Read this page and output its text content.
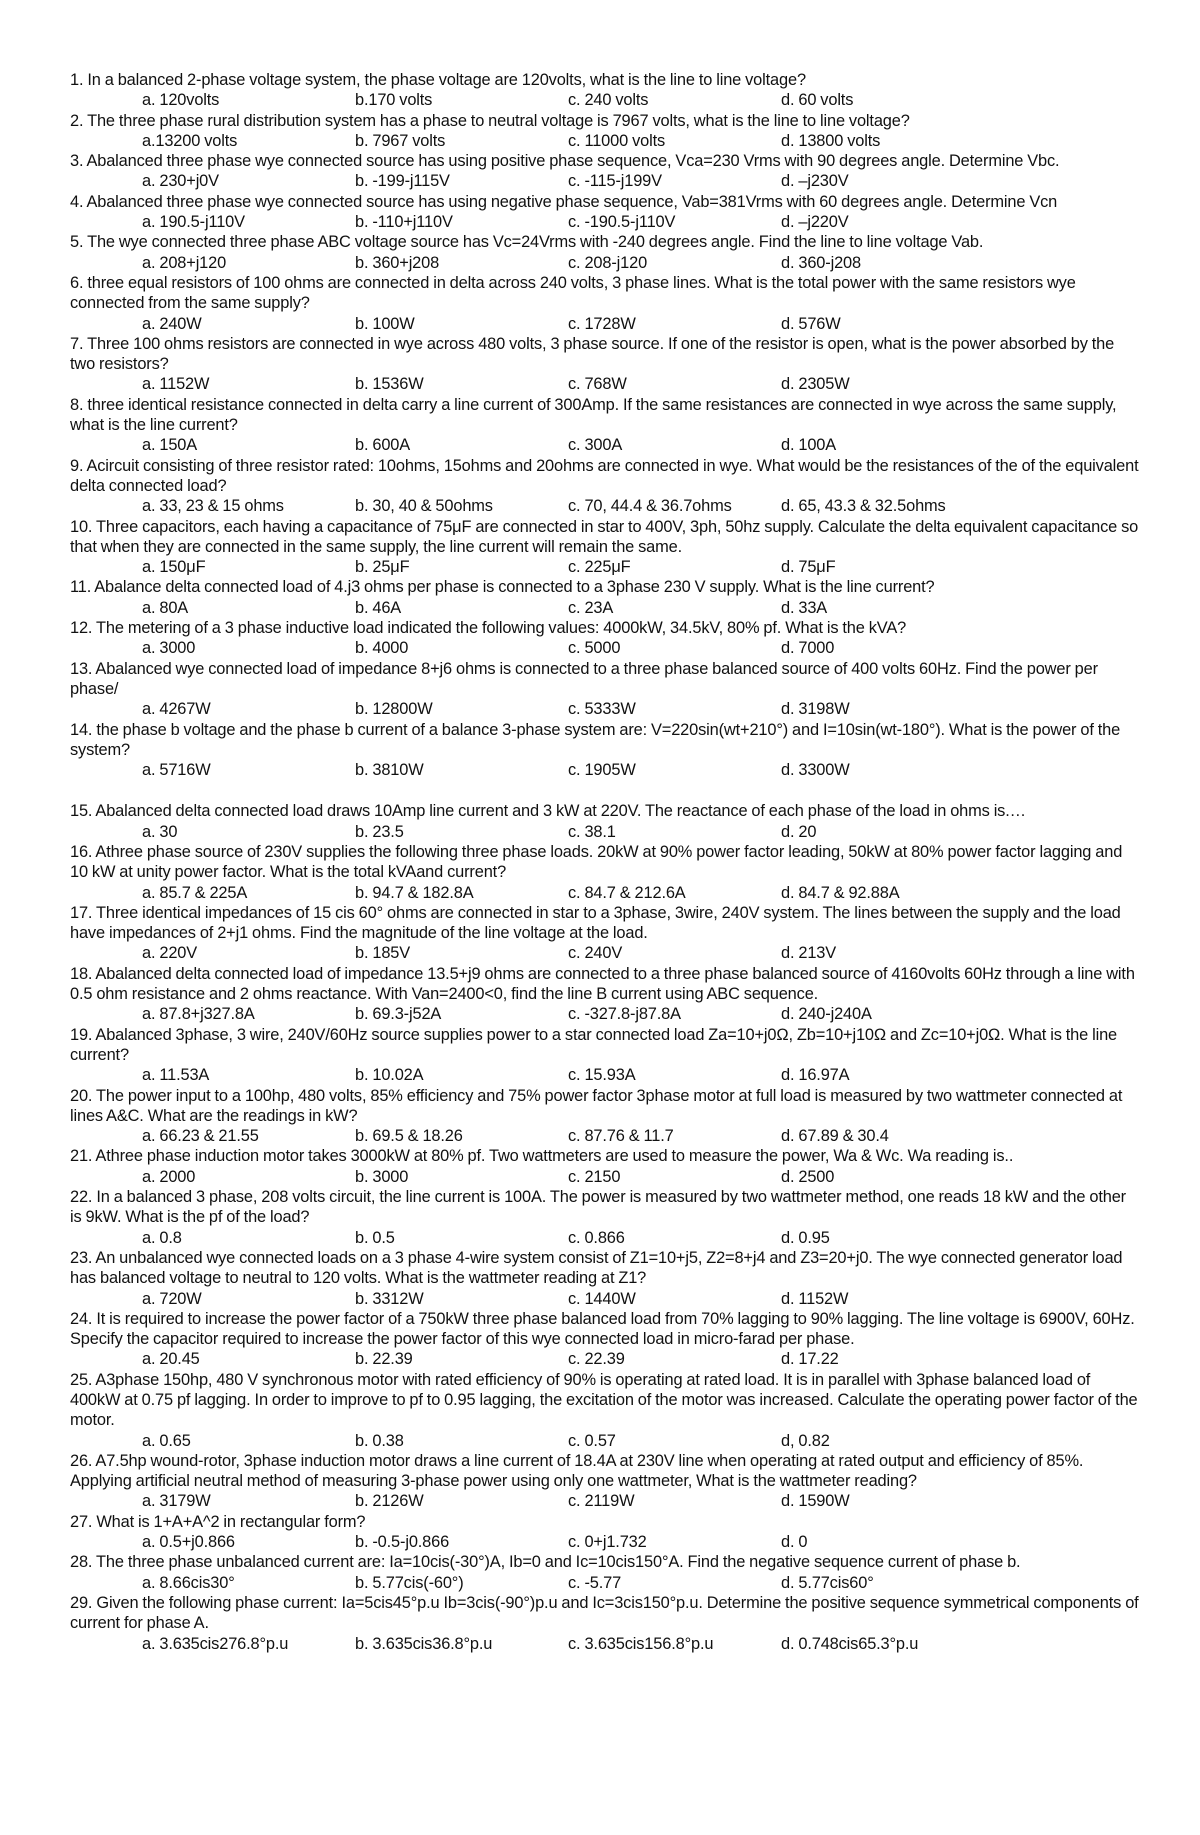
1. In a balanced 2-phase voltage system, the phase voltage are 120volts, what is the line to line voltage?
a. 120volts	b.170 volts	c. 240 volts	d. 60 volts
2. The three phase rural distribution system has a phase to neutral voltage is 7967 volts, what is the line to line voltage?
a.13200 volts	b. 7967 volts	c. 11000 volts	d. 13800 volts
3. Abalanced three phase wye connected source has using positive phase sequence, Vca=230 Vrms with 90 degrees angle. Determine Vbc.
a. 230+j0V	b. -199-j115V	c. -115-j199V	d. –j230V
4. Abalanced three phase wye connected source has using negative phase sequence, Vab=381Vrms with 60 degrees angle. Determine Vcn
a. 190.5-j110V	b. -110+j110V	c. -190.5-j110V	d. –j220V
5. The wye connected three phase ABC voltage source has Vc=24Vrms with -240 degrees angle. Find the line to line voltage Vab.
a. 208+j120	b. 360+j208	c. 208-j120	d. 360-j208
6. three equal resistors of 100 ohms are connected in delta across 240 volts, 3 phase lines. What is the total power with the same resistors wye connected from the same supply?
a. 240W	b. 100W	c. 1728W	d. 576W
7. Three 100 ohms resistors are connected in wye across 480 volts, 3 phase source. If one of the resistor is open, what is the power absorbed by the two resistors?
a. 1152W	b. 1536W	c. 768W	d. 2305W
8. three identical resistance connected in delta carry a line current of 300Amp. If the same resistances are connected in wye across the same supply, what is the line current?
a. 150A	b. 600A	c. 300A	d. 100A
9. Acircuit consisting of three resistor rated: 10ohms, 15ohms and 20ohms are connected in wye. What would be the resistances of the of the equivalent delta connected load?
a. 33, 23 & 15 ohms	b. 30, 40 & 50ohms	c. 70, 44.4 & 36.7ohms	d. 65, 43.3 & 32.5ohms
10. Three capacitors, each having a capacitance of 75μF are connected in star to 400V, 3ph, 50hz supply. Calculate the delta equivalent capacitance so that when they are connected in the same supply, the line current will remain the same.
a. 150μF	b. 25μF	c. 225μF	d. 75μF
11. Abalance delta connected load of 4.j3 ohms per phase is connected to a 3phase 230 V supply. What is the line current?
a. 80A	b. 46A	c. 23A	d. 33A
12. The metering of a 3 phase inductive load indicated the following values: 4000kW, 34.5kV, 80% pf. What is the kVA?
a. 3000	b. 4000	c. 5000	d. 7000
13. Abalanced wye connected load of impedance 8+j6 ohms is connected to a three phase balanced source of 400 volts 60Hz. Find the power per phase/
a. 4267W	b. 12800W	c. 5333W	d. 3198W
14. the phase b voltage and the phase b current of a balance 3-phase system are: V=220sin(wt+210°) and I=10sin(wt-180°). What is the power of the system?
a. 5716W	b. 3810W	c. 1905W	d. 3300W
15. Abalanced delta connected load draws 10Amp line current and 3 kW at 220V. The reactance of each phase of the load in ohms is.…
a. 30	b. 23.5	c. 38.1	d. 20
16. Athree phase source of 230V supplies the following three phase loads. 20kW at 90% power factor leading, 50kW at 80% power factor lagging and 10 kW at unity power factor. What is the total kVAand current?
a. 85.7 & 225A	b. 94.7 & 182.8A	c. 84.7 & 212.6A	d. 84.7 & 92.88A
17. Three identical impedances of 15 cis 60° ohms are connected in star to a 3phase, 3wire, 240V system. The lines between the supply and the load have impedances of 2+j1 ohms. Find the magnitude of the line voltage at the load.
a. 220V	b. 185V	c. 240V	d. 213V
18. Abalanced delta connected load of impedance 13.5+j9 ohms are connected to a three phase balanced source of 4160volts 60Hz through a line with 0.5 ohm resistance and 2 ohms reactance. With Van=2400<0, find the line B current using ABC sequence.
a. 87.8+j327.8A	b. 69.3-j52A	c. -327.8-j87.8A	d. 240-j240A
19. Abalanced 3phase, 3 wire, 240V/60Hz source supplies power to a star connected load Za=10+j0Ω, Zb=10+j10Ω and Zc=10+j0Ω. What is the line current?
a. 11.53A	b. 10.02A	c. 15.93A	d. 16.97A
20. The power input to a 100hp, 480 volts, 85% efficiency and 75% power factor 3phase motor at full load is measured by two wattmeter connected at lines A&C. What are the readings in kW?
a. 66.23 & 21.55	b. 69.5 & 18.26	c. 87.76 & 11.7	d. 67.89 & 30.4
21. Athree phase induction motor takes 3000kW at 80% pf. Two wattmeters are used to measure the power, Wa & Wc. Wa reading is..
a. 2000	b. 3000	c. 2150	d. 2500
22. In a balanced 3 phase, 208 volts circuit, the line current is 100A. The power is measured by two wattmeter method, one reads 18 kW and the other is 9kW. What is the pf of the load?
a. 0.8	b. 0.5	c. 0.866	d. 0.95
23. An unbalanced wye connected loads on a 3 phase 4-wire system consist of Z1=10+j5, Z2=8+j4 and Z3=20+j0. The wye connected generator load has balanced voltage to neutral to 120 volts. What is the wattmeter reading at Z1?
a. 720W	b. 3312W	c. 1440W	d. 1152W
24. It is required to increase the power factor of a 750kW three phase balanced load from 70% lagging to 90% lagging. The line voltage is 6900V, 60Hz. Specify the capacitor required to increase the power factor of this wye connected load in micro-farad per phase.
a. 20.45	b. 22.39	c. 22.39	d. 17.22
25. A3phase 150hp, 480 V synchronous motor with rated efficiency of 90% is operating at rated load. It is in parallel with 3phase balanced load of 400kW at 0.75 pf lagging. In order to improve to pf to 0.95 lagging, the excitation of the motor was increased. Calculate the operating power factor of the motor.
a. 0.65	b. 0.38	c. 0.57	d, 0.82
26. A7.5hp wound-rotor, 3phase induction motor draws a line current of 18.4A at 230V line when operating at rated output and efficiency of 85%. Applying artificial neutral method of measuring 3-phase power using only one wattmeter, What is the wattmeter reading?
a. 3179W	b. 2126W	c. 2119W	d. 1590W
27. What is 1+A+A^2 in rectangular form?
a. 0.5+j0.866	b. -0.5-j0.866	c. 0+j1.732	d. 0
28. The three phase unbalanced current are: Ia=10cis(-30°)A, Ib=0 and Ic=10cis150°A. Find the negative sequence current of phase b.
a. 8.66cis30°	b. 5.77cis(-60°)	c. -5.77	d. 5.77cis60°
29. Given the following phase current: Ia=5cis45°p.u Ib=3cis(-90°)p.u and Ic=3cis150°p.u. Determine the positive sequence symmetrical components of current for phase A.
a. 3.635cis276.8°p.u	b. 3.635cis36.8°p.u	c. 3.635cis156.8°p.u	d. 0.748cis65.3°p.u
